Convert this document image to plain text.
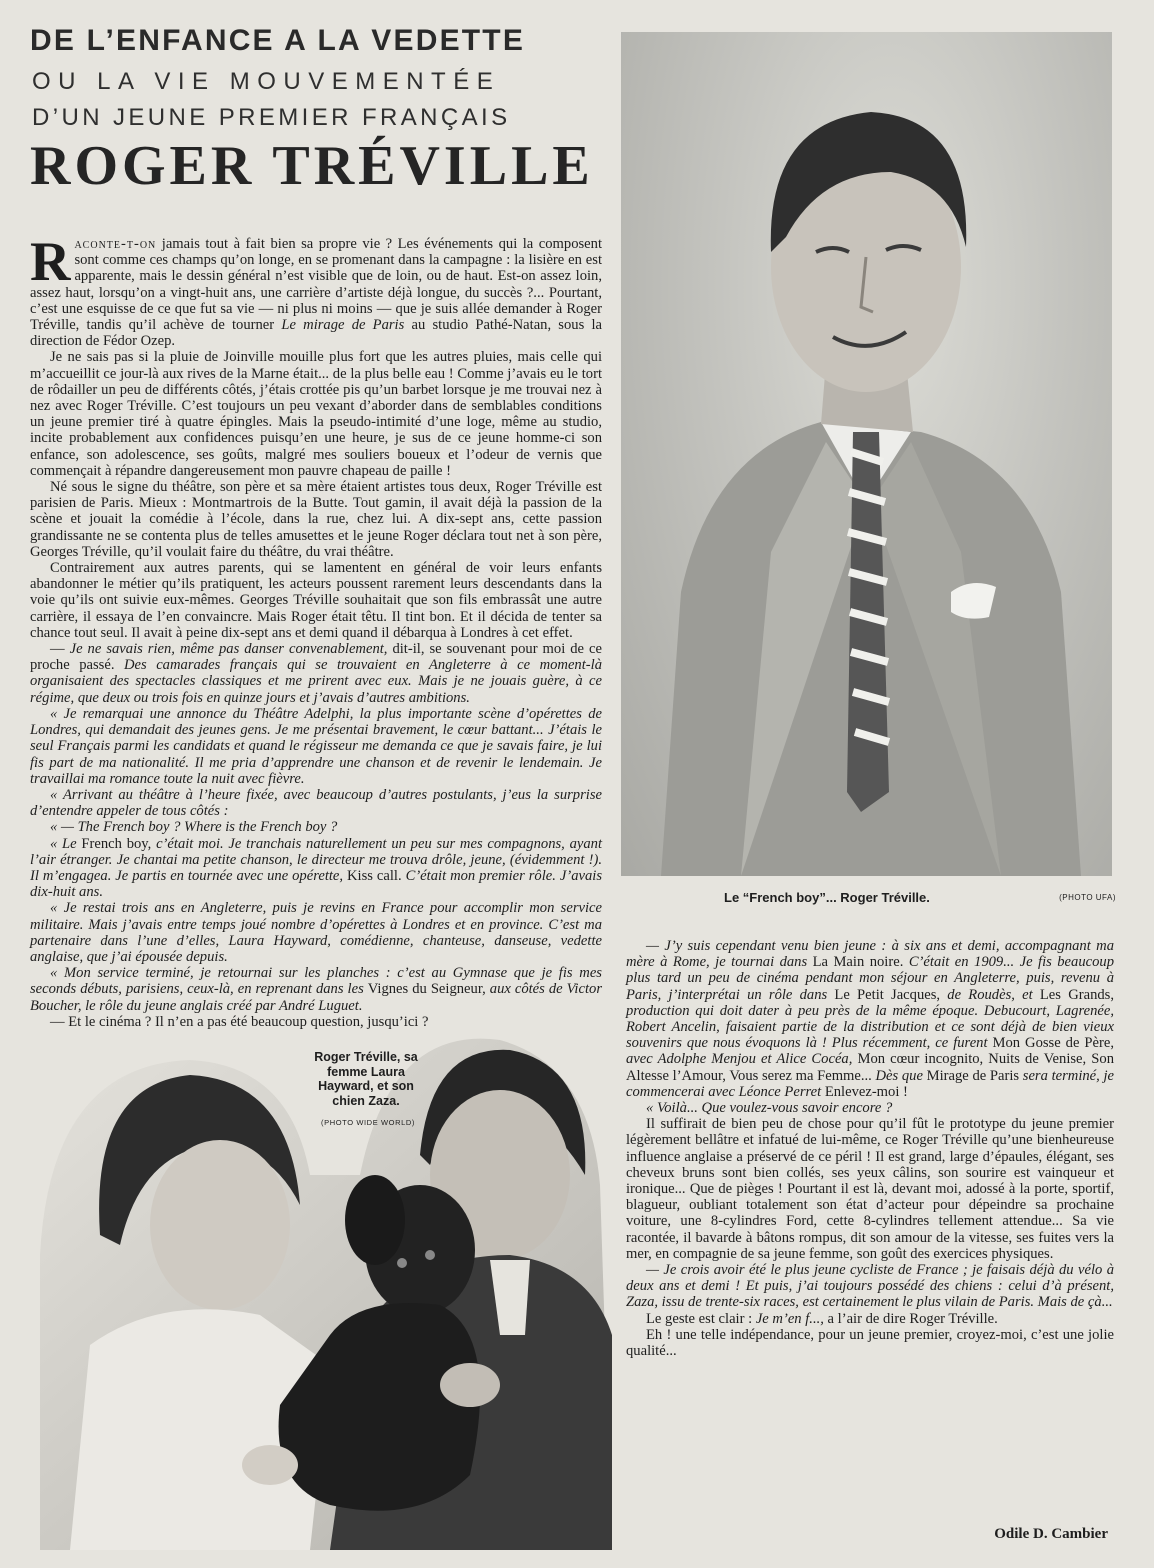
DE L’ENFANCE A LA VEDETTE
OU LA VIE MOUVEMENTÉE
D’UN JEUNE PREMIER FRANÇAIS
ROGER TRÉVILLE

Raconte-t-on jamais tout à fait bien sa propre vie ? Les événements qui la composent sont comme ces champs qu’on longe, en se promenant dans la campagne : la lisière en est apparente, mais le dessin général n’est visible que de loin, ou de haut. Est-on assez loin, assez haut, lorsqu’on a vingt-huit ans, une carrière d’artiste déjà longue, du succès ?... Pourtant, c’est une esquisse de ce que fut sa vie — ni plus ni moins — que je suis allée demander à Roger Tréville, tandis qu’il achève de tourner Le mirage de Paris au studio Pathé-Natan, sous la direction de Fédor Ozep.

Je ne sais pas si la pluie de Joinville mouille plus fort que les autres pluies, mais celle qui m’accueillit ce jour-là aux rives de la Marne était... de la plus belle eau ! Comme j’avais eu le tort de rôdailler un peu de différents côtés, j’étais crottée pis qu’un barbet lorsque je me trouvai nez à nez avec Roger Tréville. C’est toujours un peu vexant d’aborder dans de semblables conditions un jeune premier tiré à quatre épingles. Mais la pseudo-intimité d’une loge, même au studio, incite probablement aux confidences puisqu’en une heure, je sus de ce jeune homme-ci son enfance, son adolescence, ses goûts, malgré mes souliers boueux et l’odeur de vernis que commençait à répandre dangereusement mon pauvre chapeau de paille !

Né sous le signe du théâtre, son père et sa mère étaient artistes tous deux, Roger Tréville est parisien de Paris. Mieux : Montmartrois de la Butte. Tout gamin, il avait déjà la passion de la scène et jouait la comédie à l’école, dans la rue, chez lui. A dix-sept ans, cette passion grandissante ne se contenta plus de telles amusettes et le jeune Roger déclara tout net à son père, Georges Tréville, qu’il voulait faire du théâtre, du vrai théâtre.

Contrairement aux autres parents, qui se lamentent en général de voir leurs enfants abandonner le métier qu’ils pratiquent, les acteurs poussent rarement leurs descendants dans la voie qu’ils ont suivie eux-mêmes. Georges Tréville souhaitait que son fils embrassât une autre carrière, il essaya de l’en convaincre. Mais Roger était têtu. Il tint bon. Et il décida de tenter sa chance tout seul. Il avait à peine dix-sept ans et demi quand il débarqua à Londres à cet effet.

— Je ne savais rien, même pas danser convenablement, dit-il, se souvenant pour moi de ce proche passé. Des camarades français qui se trouvaient en Angleterre à ce moment-là organisaient des spectacles classiques et me prirent avec eux. Mais je ne jouais guère, à ce régime, que deux ou trois fois en quinze jours et j’avais d’autres ambitions.

« Je remarquai une annonce du Théâtre Adelphi, la plus importante scène d’opérettes de Londres, qui demandait des jeunes gens. Je me présentai bravement, le cœur battant... J’étais le seul Français parmi les candidats et quand le régisseur me demanda ce que je savais faire, je lui fis part de ma nationalité. Il me pria d’apprendre une chanson et de revenir le lendemain. Je travaillai ma romance toute la nuit avec fièvre.

« Arrivant au théâtre à l’heure fixée, avec beaucoup d’autres postulants, j’eus la surprise d’entendre appeler de tous côtés :

« — The French boy ? Where is the French boy ?

« Le French boy, c’était moi. Je tranchais naturellement un peu sur mes compagnons, ayant l’air étranger. Je chantai ma petite chanson, le directeur me trouva drôle, jeune, (évidemment !). Il m’engagea. Je partis en tournée avec une opérette, Kiss call. C’était mon premier rôle. J’avais dix-huit ans.

« Je restai trois ans en Angleterre, puis je revins en France pour accomplir mon service militaire. Mais j’avais entre temps joué nombre d’opérettes à Londres et en province. C’est ma partenaire dans l’une d’elles, Laura Hayward, comédienne, chanteuse, danseuse, vedette anglaise, que j’ai épousée depuis.

« Mon service terminé, je retournai sur les planches : c’est au Gymnase que je fis mes seconds débuts, parisiens, ceux-là, en reprenant dans les Vignes du Seigneur, aux côtés de Victor Boucher, le rôle du jeune anglais créé par André Luguet.

— Et le cinéma ? Il n’en a pas été beaucoup question, jusqu’ici ?

Le “French boy”... Roger Tréville.	(PHOTO UFA)
Roger Tréville, sa femme Laura Hayward, et son chien Zaza.
(PHOTO WIDE WORLD)

— J’y suis cependant venu bien jeune : à six ans et demi, accompagnant ma mère à Rome, je tournai dans La Main noire. C’était en 1909... Je fis beaucoup plus tard un peu de cinéma pendant mon séjour en Angleterre, puis, revenu à Paris, j’interprétai un rôle dans Le Petit Jacques, de Roudès, et Les Grands, production qui doit dater à peu près de la même époque. Debucourt, Lagrenée, Robert Ancelin, faisaient partie de la distribution et ce sont déjà de bien vieux souvenirs que nous évoquons là ! Plus récemment, ce furent Mon Gosse de Père, avec Adolphe Menjou et Alice Cocéa, Mon cœur incognito, Nuits de Venise, Son Altesse l’Amour, Vous serez ma Femme... Dès que Mirage de Paris sera terminé, je commencerai avec Léonce Perret Enlevez-moi !

« Voilà... Que voulez-vous savoir encore ?

Il suffirait de bien peu de chose pour qu’il fût le prototype du jeune premier légèrement bellâtre et infatué de lui-même, ce Roger Tréville qu’une bienheureuse influence anglaise a préservé de ce péril ! Il est grand, large d’épaules, élégant, ses cheveux bruns sont bien collés, ses yeux câlins, son sourire est vainqueur et ironique... Que de pièges ! Pourtant il est là, devant moi, adossé à la porte, sportif, blagueur, oubliant totalement son état d’acteur pour dépeindre sa prochaine voiture, une 8-cylindres Ford, cette 8-cylindres tellement attendue... Sa vie racontée, il bavarde à bâtons rompus, dit son amour de la vitesse, ses fuites vers la mer, en compagnie de sa jeune femme, son goût des exercices physiques.

— Je crois avoir été le plus jeune cycliste de France ; je faisais déjà du vélo à deux ans et demi ! Et puis, j’ai toujours possédé des chiens : celui d’à présent, Zaza, issu de trente-six races, est certainement le plus vilain de Paris. Mais de çà...

Le geste est clair : Je m’en f..., a l’air de dire Roger Tréville.

Eh ! une telle indépendance, pour un jeune premier, croyez-moi, c’est une jolie qualité...

Odile D. Cambier
